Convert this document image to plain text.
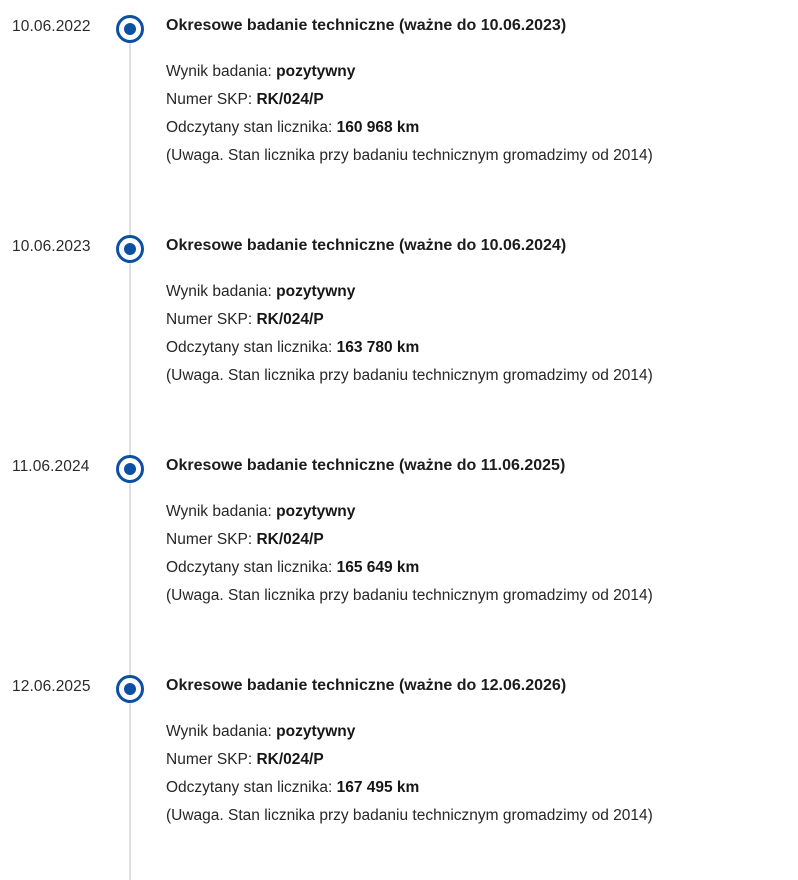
10.06.2022	Okresowe badanie techniczne (ważne do 10.06.2023)
Wynik badania: pozytywny
Numer SKP: RK/024/P
Odczytany stan licznika: 160 968 km
(Uwaga. Stan licznika przy badaniu technicznym gromadzimy od 2014)
10.06.2023	Okresowe badanie techniczne (ważne do 10.06.2024)
Wynik badania: pozytywny
Numer SKP: RK/024/P
Odczytany stan licznika: 163 780 km
(Uwaga. Stan licznika przy badaniu technicznym gromadzimy od 2014)
11.06.2024	Okresowe badanie techniczne (ważne do 11.06.2025)
Wynik badania: pozytywny
Numer SKP: RK/024/P
Odczytany stan licznika: 165 649 km
(Uwaga. Stan licznika przy badaniu technicznym gromadzimy od 2014)
12.06.2025	Okresowe badanie techniczne (ważne do 12.06.2026)
Wynik badania: pozytywny
Numer SKP: RK/024/P
Odczytany stan licznika: 167 495 km
(Uwaga. Stan licznika przy badaniu technicznym gromadzimy od 2014)
